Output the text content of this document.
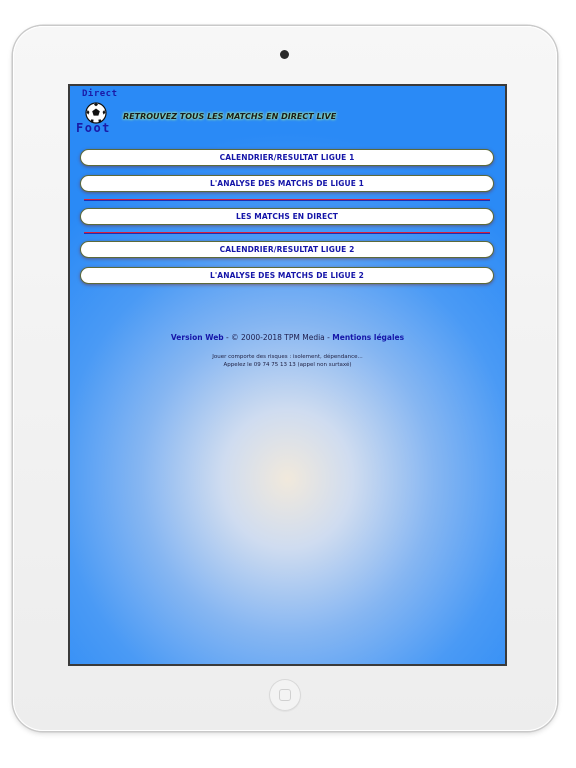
Direct
Foot
RETROUVEZ TOUS LES MATCHS EN DIRECT LIVE
CALENDRIER/RESULTAT LIGUE 1
L'ANALYSE DES MATCHS DE LIGUE 1
LES MATCHS EN DIRECT
CALENDRIER/RESULTAT LIGUE 2
L'ANALYSE DES MATCHS DE LIGUE 2
Version Web - © 2000-2018 TPM Media - Mentions légales
Jouer comporte des risques : isolement, dépendance...
Appelez le 09 74 75 13 13 (appel non surtaxé)
